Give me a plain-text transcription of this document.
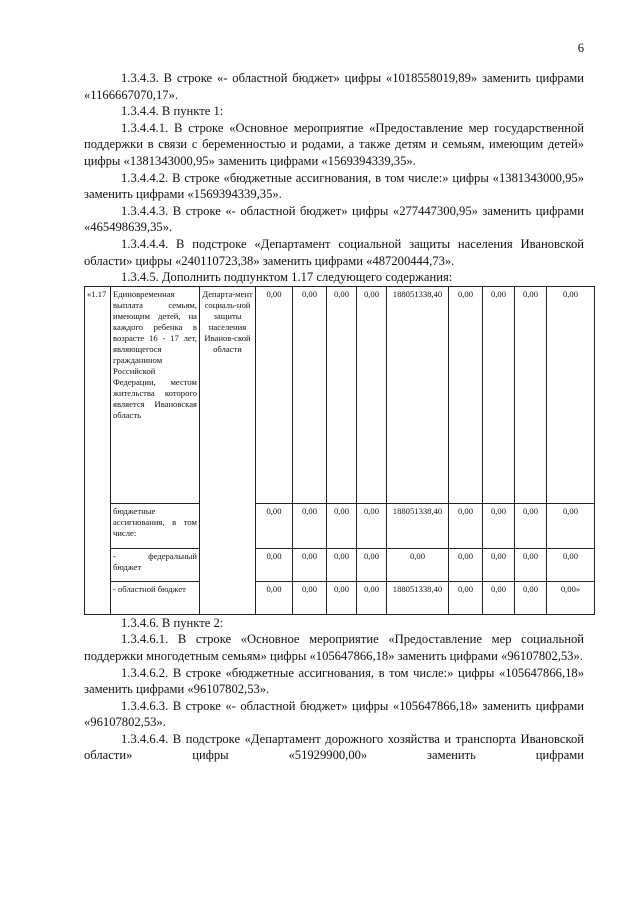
6

1.3.4.3. В строке «- областной бюджет» цифры «1018558019,89» заменить цифрами «1166667070,17».

1.3.4.4. В пункте 1:

1.3.4.4.1. В строке «Основное мероприятие «Предоставление мер государственной поддержки в связи с беременностью и родами, а также детям и семьям, имеющим детей» цифры «1381343000,95» заменить цифрами «1569394339,35».

1.3.4.4.2. В строке «бюджетные ассигнования, в том числе:» цифры «1381343000,95» заменить цифрами «1569394339,35».

1.3.4.4.3. В строке «- областной бюджет» цифры «277447300,95» заменить цифрами «465498639,35».

1.3.4.4.4. В подстроке «Департамент социальной защиты населения Ивановской области» цифры «240110723,38» заменить цифрами «487200444,73».

1.3.4.5. Дополнить подпунктом 1.17 следующего содержания:

«1.17	Единовременная выплата семьям, имеющим детей, на каждого ребенка в возрасте 16 - 17 лет, являющегося гражданином Российской Федерации, местом жительства которого является Ивановская область	Департа-мент социаль-ной защиты населения Иванов-ской области	0,00	0,00	0,00	0,00	188051338,40	0,00	0,00	0,00	0,00
	бюджетные ассигнования, в том числе:		0,00	0,00	0,00	0,00	188051338,40	0,00	0,00	0,00	0,00
	- федеральный бюджет		0,00	0,00	0,00	0,00	0,00	0,00	0,00	0,00	0,00
	- областной бюджет		0,00	0,00	0,00	0,00	188051338,40	0,00	0,00	0,00	0,00»

1.3.4.6. В пункте 2:

1.3.4.6.1. В строке «Основное мероприятие «Предоставление мер социальной поддержки многодетным семьям» цифры «105647866,18» заменить цифрами «96107802,53».

1.3.4.6.2. В строке «бюджетные ассигнования, в том числе:» цифры «105647866,18» заменить цифрами «96107802,53».

1.3.4.6.3. В строке «- областной бюджет» цифры «105647866,18» заменить цифрами «96107802,53».

1.3.4.6.4. В подстроке «Департамент дорожного хозяйства и транспорта Ивановской области» цифры «51929900,00» заменить цифрами
